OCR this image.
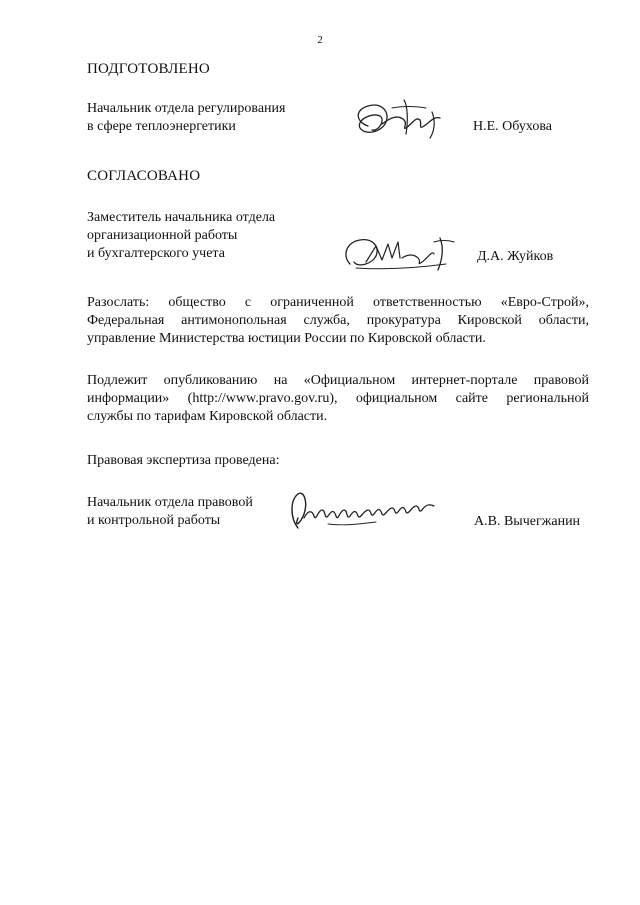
2
ПОДГОТОВЛЕНО
Начальник отдела регулирования
в сфере теплоэнергетики	Н.Е. Обухова
СОГЛАСОВАНО
Заместитель начальника отдела
организационной работы
и бухгалтерского учета	Д.А. Жуйков
Разослать: общество с ограниченной ответственностью «Евро-Строй»,
Федеральная антимонопольная служба, прокуратура Кировской области,
управление Министерства юстиции России по Кировской области.
Подлежит опубликованию на «Официальном интернет-портале правовой
информации» (http://www.pravo.gov.ru), официальном сайте региональной
службы по тарифам Кировской области.
Правовая экспертиза проведена:
Начальник отдела правовой
и контрольной работы	А.В. Вычегжанин
